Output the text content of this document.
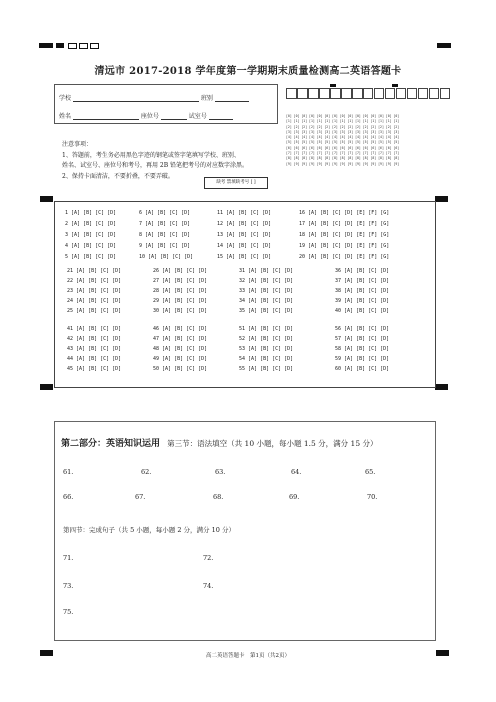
清远市 2017-2018 学年度第一学期期末质量检测高二英语答题卡
学校	班别
姓名	座位号	试室号	[0] [0] [0] [0] [0] [0] [0] [0] [0] [0] [0] [0] [0] [0] [0]
[1] [1] [1] [1] [1] [1] [1] [1] [1] [1] [1] [1] [1] [1] [1]
[2] [2] [2] [2] [2] [2] [2] [2] [2] [2] [2] [2] [2] [2] [2]
[3] [3] [3] [3] [3] [3] [3] [3] [3] [3] [3] [3] [3] [3] [3]
[4] [4] [4] [4] [4] [4] [4] [4] [4] [4] [4] [4] [4] [4] [4]
[5] [5] [5] [5] [5] [5] [5] [5] [5] [5] [5] [5] [5] [5] [5]
[6] [6] [6] [6] [6] [6] [6] [6] [6] [6] [6] [6] [6] [6] [6]
[7] [7] [7] [7] [7] [7] [7] [7] [7] [7] [7] [7] [7] [7] [7]
[8] [8] [8] [8] [8] [8] [8] [8] [8] [8] [8] [8] [8] [8] [8]
[9] [9] [9] [9] [9] [9] [9] [9] [9] [9] [9] [9] [9] [9] [9]
注意事项：
1、答题前，考生务必用黑色字迹的钢笔或签字笔填写学校、班别、
姓名、试室号、座位号和考号，再用 2B 铅笔把考号的对应数字涂黑。
2、保持卡面清洁，不要折叠，不要弄破。
缺考 禁填缺考号 [ ]
1 [A] [B] [C] [D]
2 [A] [B] [C] [D]
3 [A] [B] [C] [D]
4 [A] [B] [C] [D]
5 [A] [B] [C] [D]
6 [A] [B] [C] [D]
7 [A] [B] [C] [D]
8 [A] [B] [C] [D]
9 [A] [B] [C] [D]
10 [A] [B] [C] [D]
11 [A] [B] [C] [D]
12 [A] [B] [C] [D]
13 [A] [B] [C] [D]
14 [A] [B] [C] [D]
15 [A] [B] [C] [D]
16 [A] [B] [C] [D] [E] [F] [G]
17 [A] [B] [C] [D] [E] [F] [G]
18 [A] [B] [C] [D] [E] [F] [G]
19 [A] [B] [C] [D] [E] [F] [G]
20 [A] [B] [C] [D] [E] [F] [G]
21 [A] [B] [C] [D]
22 [A] [B] [C] [D]
23 [A] [B] [C] [D]
24 [A] [B] [C] [D]
25 [A] [B] [C] [D]
26 [A] [B] [C] [D]
27 [A] [B] [C] [D]
28 [A] [B] [C] [D]
29 [A] [B] [C] [D]
30 [A] [B] [C] [D]
31 [A] [B] [C] [D]
32 [A] [B] [C] [D]
33 [A] [B] [C] [D]
34 [A] [B] [C] [D]
35 [A] [B] [C] [D]
36 [A] [B] [C] [D]
37 [A] [B] [C] [D]
38 [A] [B] [C] [D]
39 [A] [B] [C] [D]
40 [A] [B] [C] [D]
41 [A] [B] [C] [D]
42 [A] [B] [C] [D]
43 [A] [B] [C] [D]
44 [A] [B] [C] [D]
45 [A] [B] [C] [D]
46 [A] [B] [C] [D]
47 [A] [B] [C] [D]
48 [A] [B] [C] [D]
49 [A] [B] [C] [D]
50 [A] [B] [C] [D]
51 [A] [B] [C] [D]
52 [A] [B] [C] [D]
53 [A] [B] [C] [D]
54 [A] [B] [C] [D]
55 [A] [B] [C] [D]
56 [A] [B] [C] [D]
57 [A] [B] [C] [D]
58 [A] [B] [C] [D]
59 [A] [B] [C] [D]
60 [A] [B] [C] [D]
第二部分：英语知识运用 第三节：语法填空（共 10 小题，每小题 1.5 分，满分 15 分）
61.	62.	63.	64.	65.
66.	67.	68.	69.	70.
第四节：完成句子（共 5 小题，每小题 2 分，满分 10 分）
71.	72.
73.	74.
75.
高二英语答题卡　第1页（共2页）
